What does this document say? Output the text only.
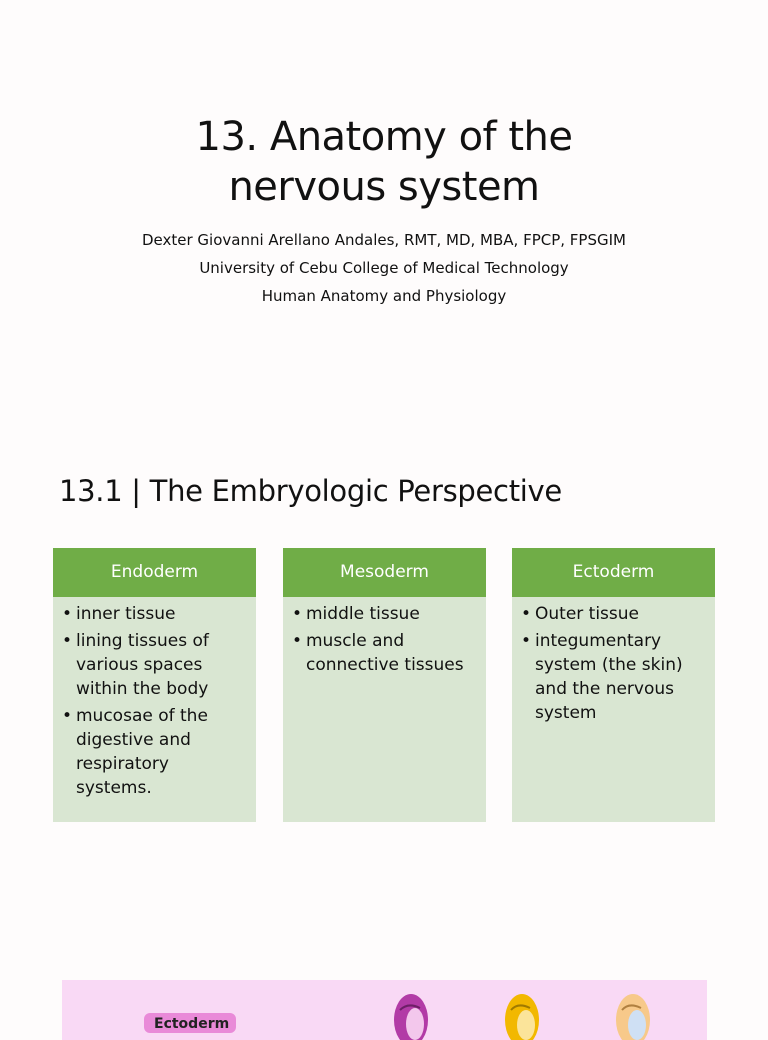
13. Anatomy of the
nervous system
Dexter Giovanni Arellano Andales, RMT, MD, MBA, FPCP, FPSGIM
University of Cebu College of Medical Technology
Human Anatomy and Physiology
13.1 | The Embryologic Perspective
Endoderm
• inner tissue
• lining tissues of various spaces within the body
• mucosae of the digestive and respiratory systems.
Mesoderm
• middle tissue
• muscle and connective tissues
Ectoderm
• Outer tissue
• integumentary system (the skin) and the nervous system
Ectoderm
